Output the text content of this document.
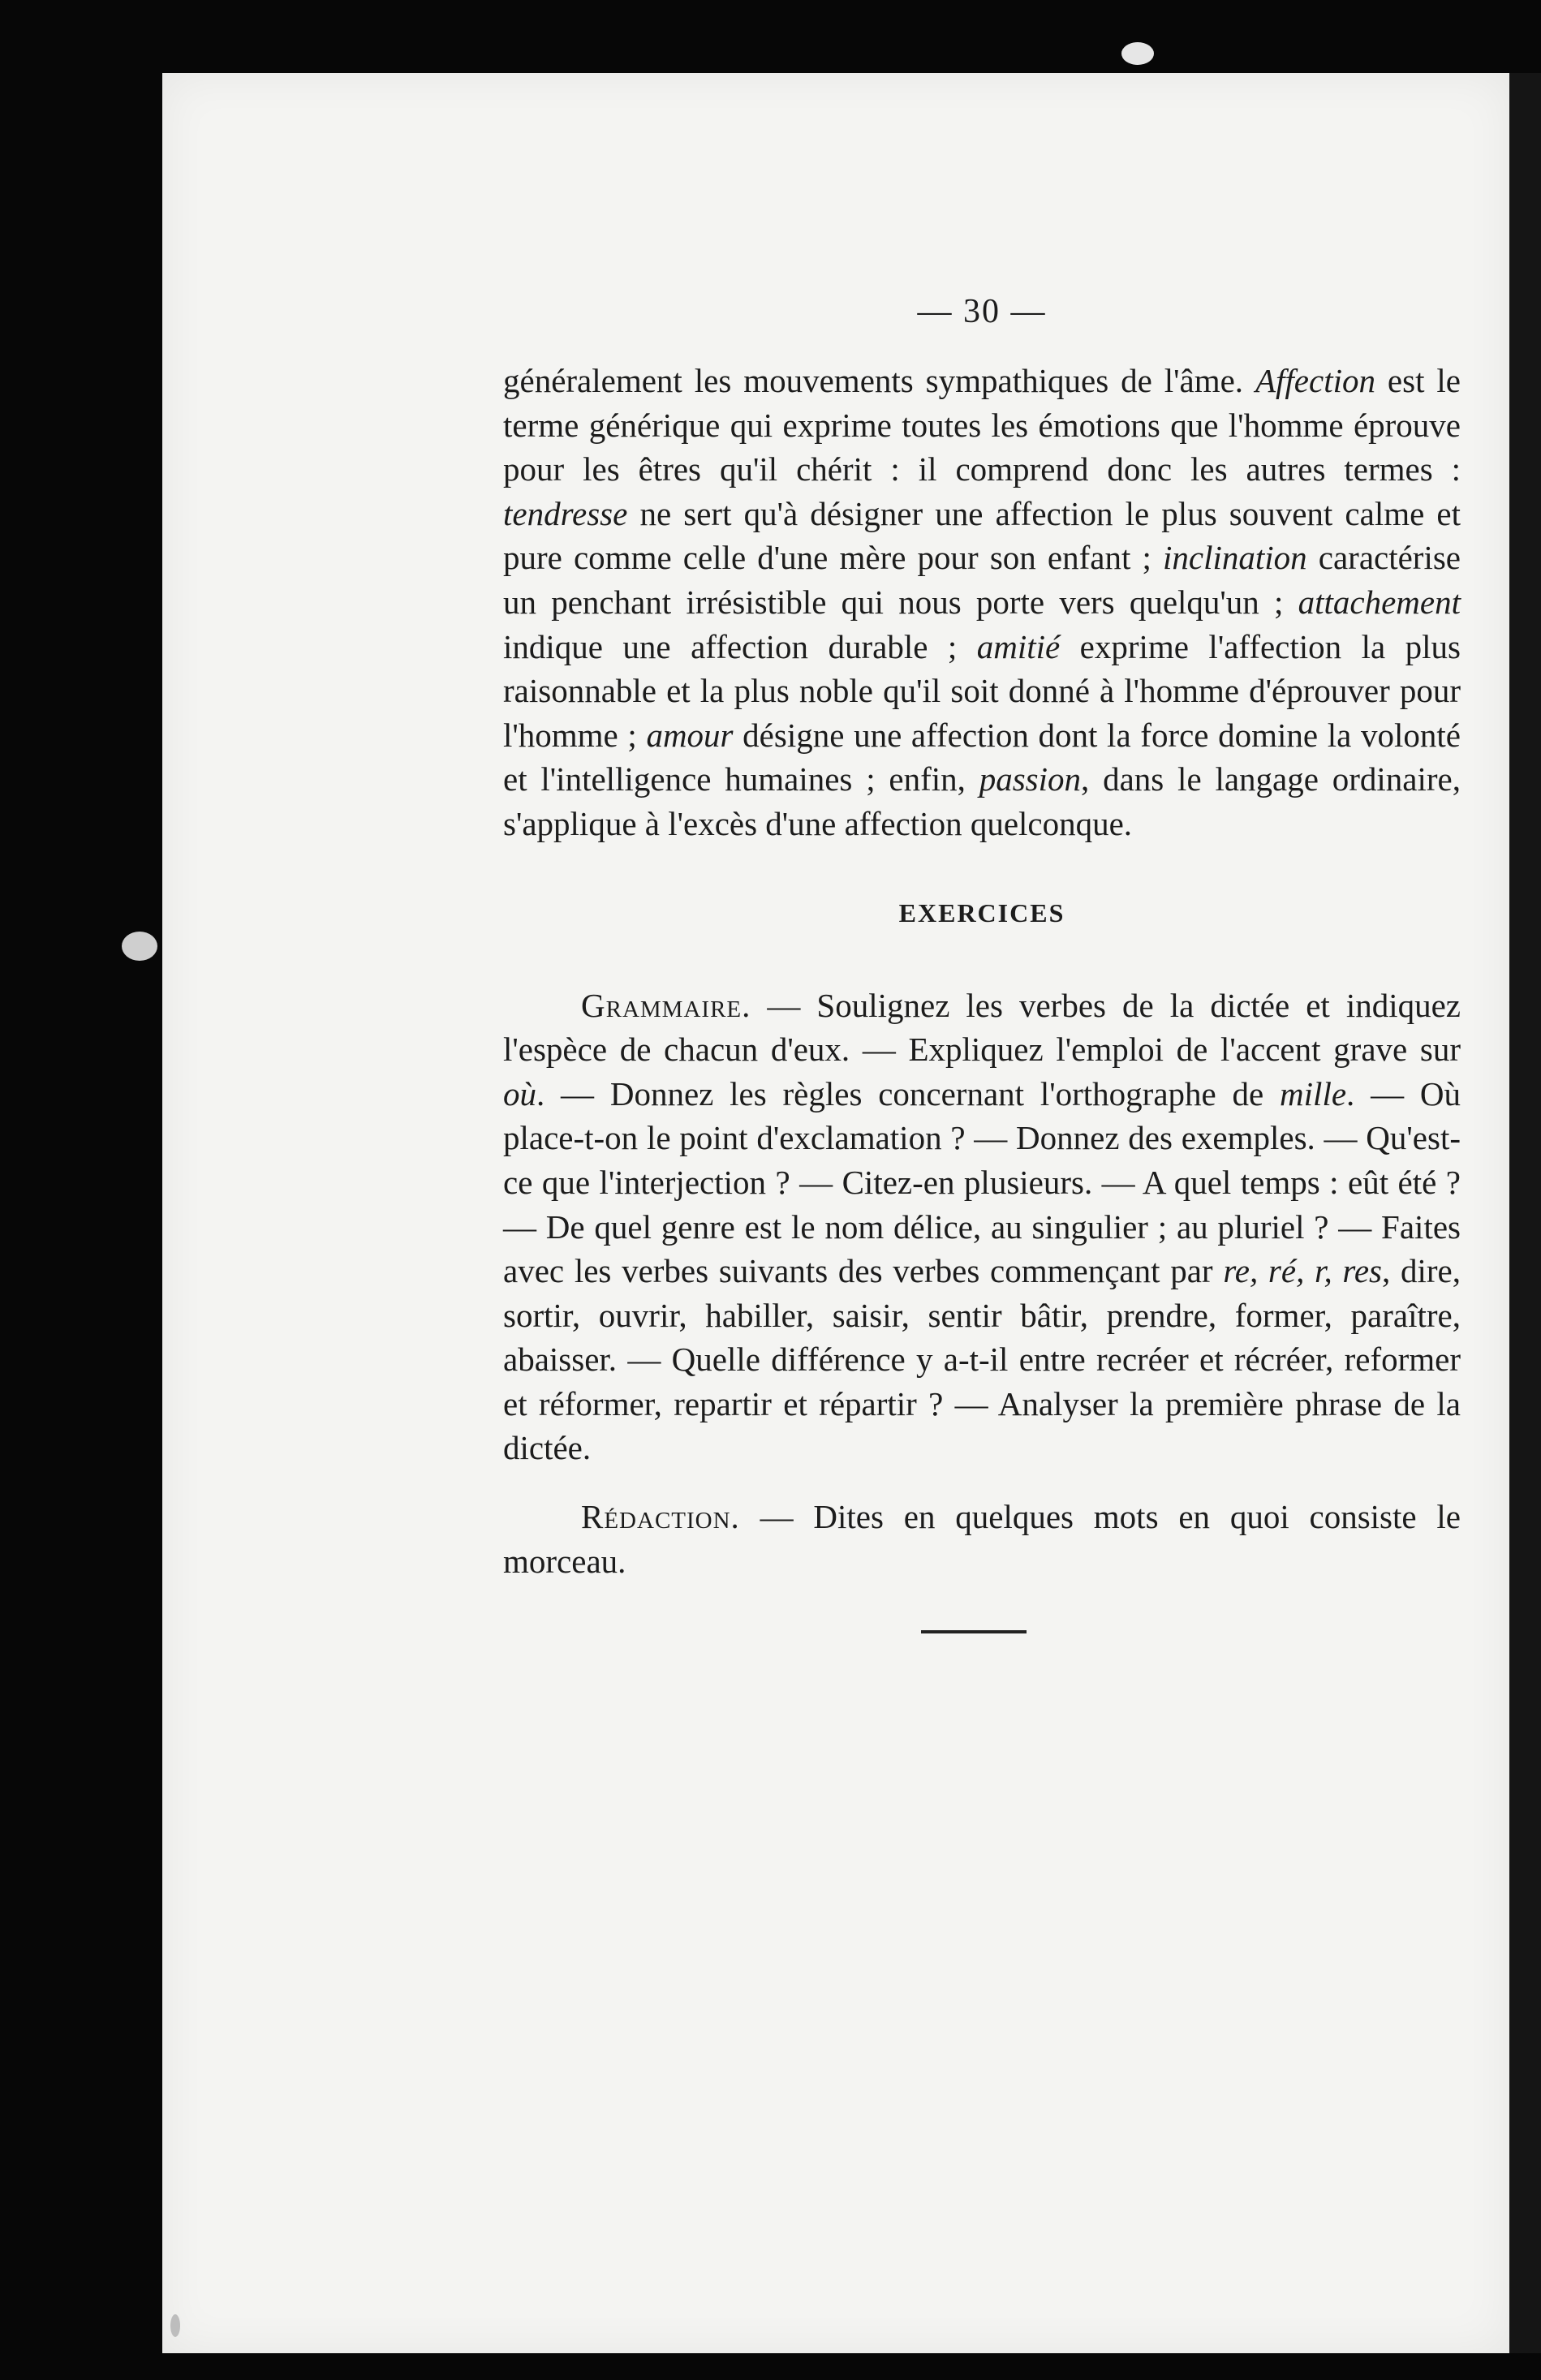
— 30 —

généralement les mouvements sympathiques de l'âme. Affection est le terme générique qui exprime toutes les émotions que l'homme éprouve pour les êtres qu'il chérit : il comprend donc les autres termes : tendresse ne sert qu'à désigner une affection le plus souvent calme et pure comme celle d'une mère pour son enfant ; inclination caractérise un penchant irrésistible qui nous porte vers quelqu'un ; attachement indique une affection durable ; amitié exprime l'affection la plus raisonnable et la plus noble qu'il soit donné à l'homme d'éprouver pour l'homme ; amour désigne une affection dont la force domine la volonté et l'intelligence humaines ; enfin, passion, dans le langage ordinaire, s'applique à l'excès d'une affection quelconque.

EXERCICES

Grammaire. — Soulignez les verbes de la dictée et indiquez l'espèce de chacun d'eux. — Expliquez l'emploi de l'accent grave sur où. — Donnez les règles concernant l'orthographe de mille. — Où place-t-on le point d'exclamation ? — Donnez des exemples. — Qu'est-ce que l'interjection ? — Citez-en plusieurs. — A quel temps : eût été ? — De quel genre est le nom délice, au singulier ; au pluriel ? — Faites avec les verbes suivants des verbes commençant par re, ré, r, res, dire, sortir, ouvrir, habiller, saisir, sentir bâtir, prendre, former, paraître, abaisser. — Quelle différence y a-t-il entre recréer et récréer, reformer et réformer, repartir et répartir ? — Analyser la première phrase de la dictée.

Rédaction. — Dites en quelques mots en quoi consiste le morceau.
